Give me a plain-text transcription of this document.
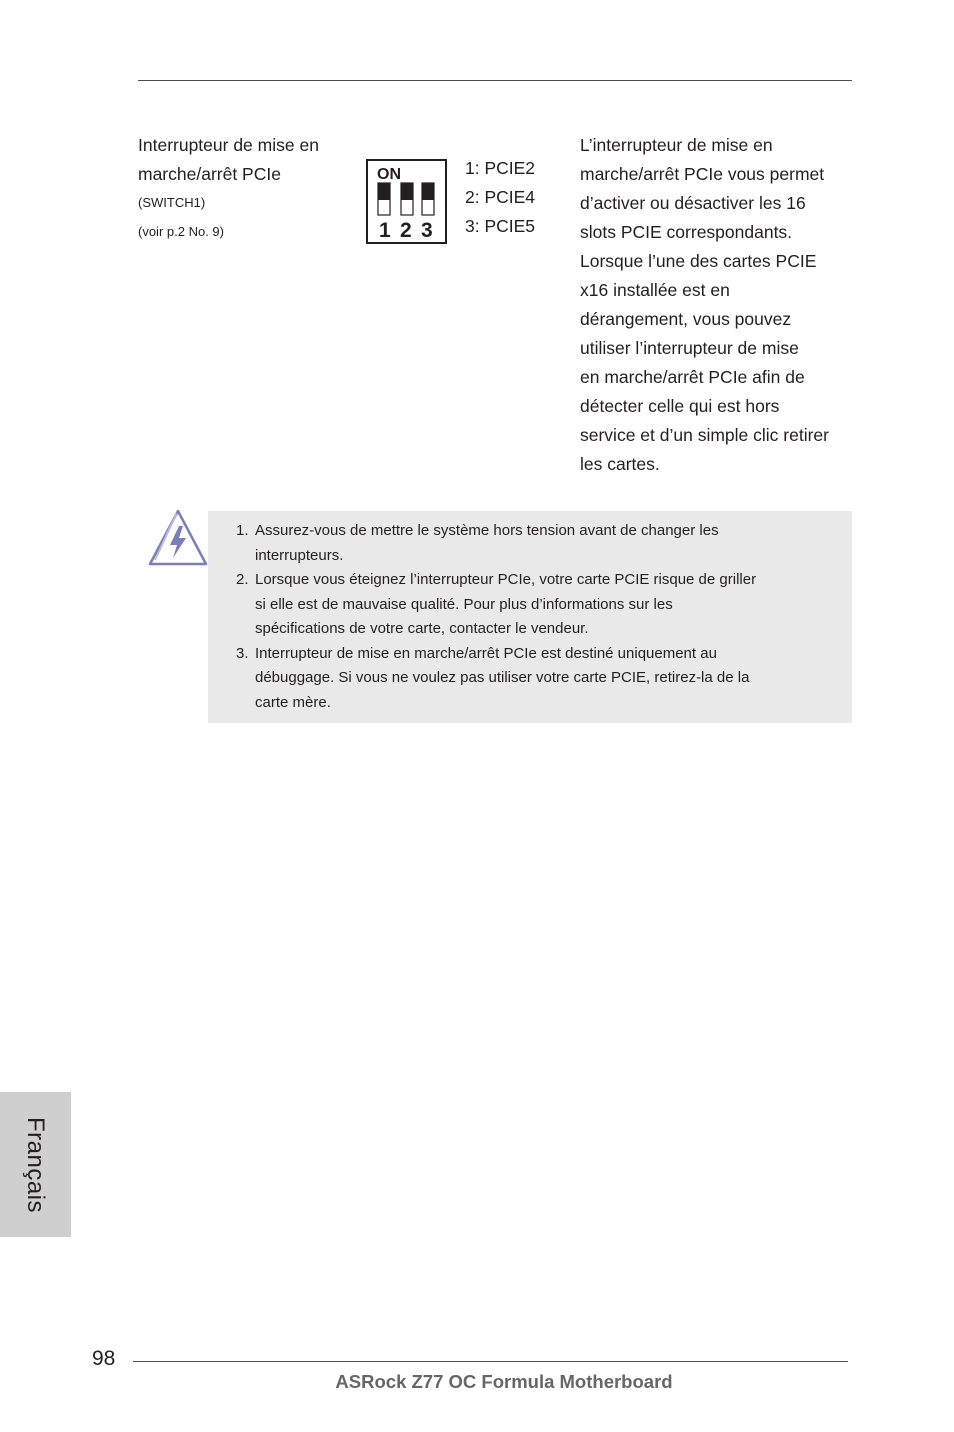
Interrupteur de mise en marche/arrêt PCIe

(SWITCH1)

(voir p.2 No. 9)

ON
1 2 3
1: PCIE2
2: PCIE4
3: PCIE5

L’interrupteur de mise en
marche/arrêt PCIe vous permet
d’activer ou désactiver les 16
slots PCIE correspondants.
Lorsque l’une des cartes PCIE
x16 installée est en
dérangement, vous pouvez
utiliser l’interrupteur de mise
en marche/arrêt PCIe afin de
détecter celle qui est hors
service et d’un simple clic retirer
les cartes.

1. Assurez-vous de mettre le système hors tension avant de changer les
interrupteurs.
2. Lorsque vous éteignez l’interrupteur PCIe, votre carte PCIE risque de griller
si elle est de mauvaise qualité. Pour plus d’informations sur les
spécifications de votre carte, contacter le vendeur.
3. Interrupteur de mise en marche/arrêt PCIe est destiné uniquement au
débuggage. Si vous ne voulez pas utiliser votre carte PCIE, retirez-la de la
carte mère.
Français

98

ASRock Z77 OC Formula Motherboard
